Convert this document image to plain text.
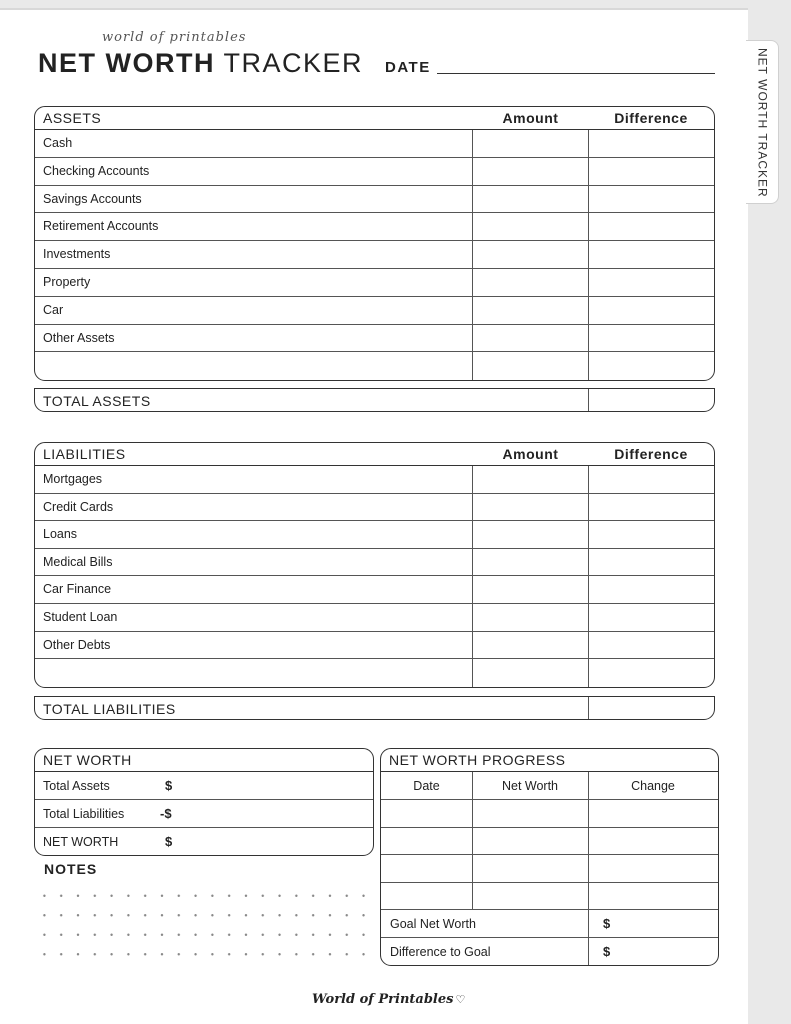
NET WORTH TRACKER
world of printables
NET WORTH TRACKER DATE
ASSETS	Amount	Difference
Cash
Checking Accounts
Savings Accounts
Retirement Accounts
Investments
Property
Car
Other Assets
TOTAL ASSETS
LIABILITIES	Amount	Difference
Mortgages
Credit Cards
Loans
Medical Bills
Car Finance
Student Loan
Other Debts
TOTAL LIABILITIES
NET WORTH
Total Assets	$
Total Liabilities	-$
NET WORTH	$
NOTES
NET WORTH PROGRESS
Date	Net Worth	Change
Goal Net Worth	$
Difference to Goal	$
World of Printables ♡
